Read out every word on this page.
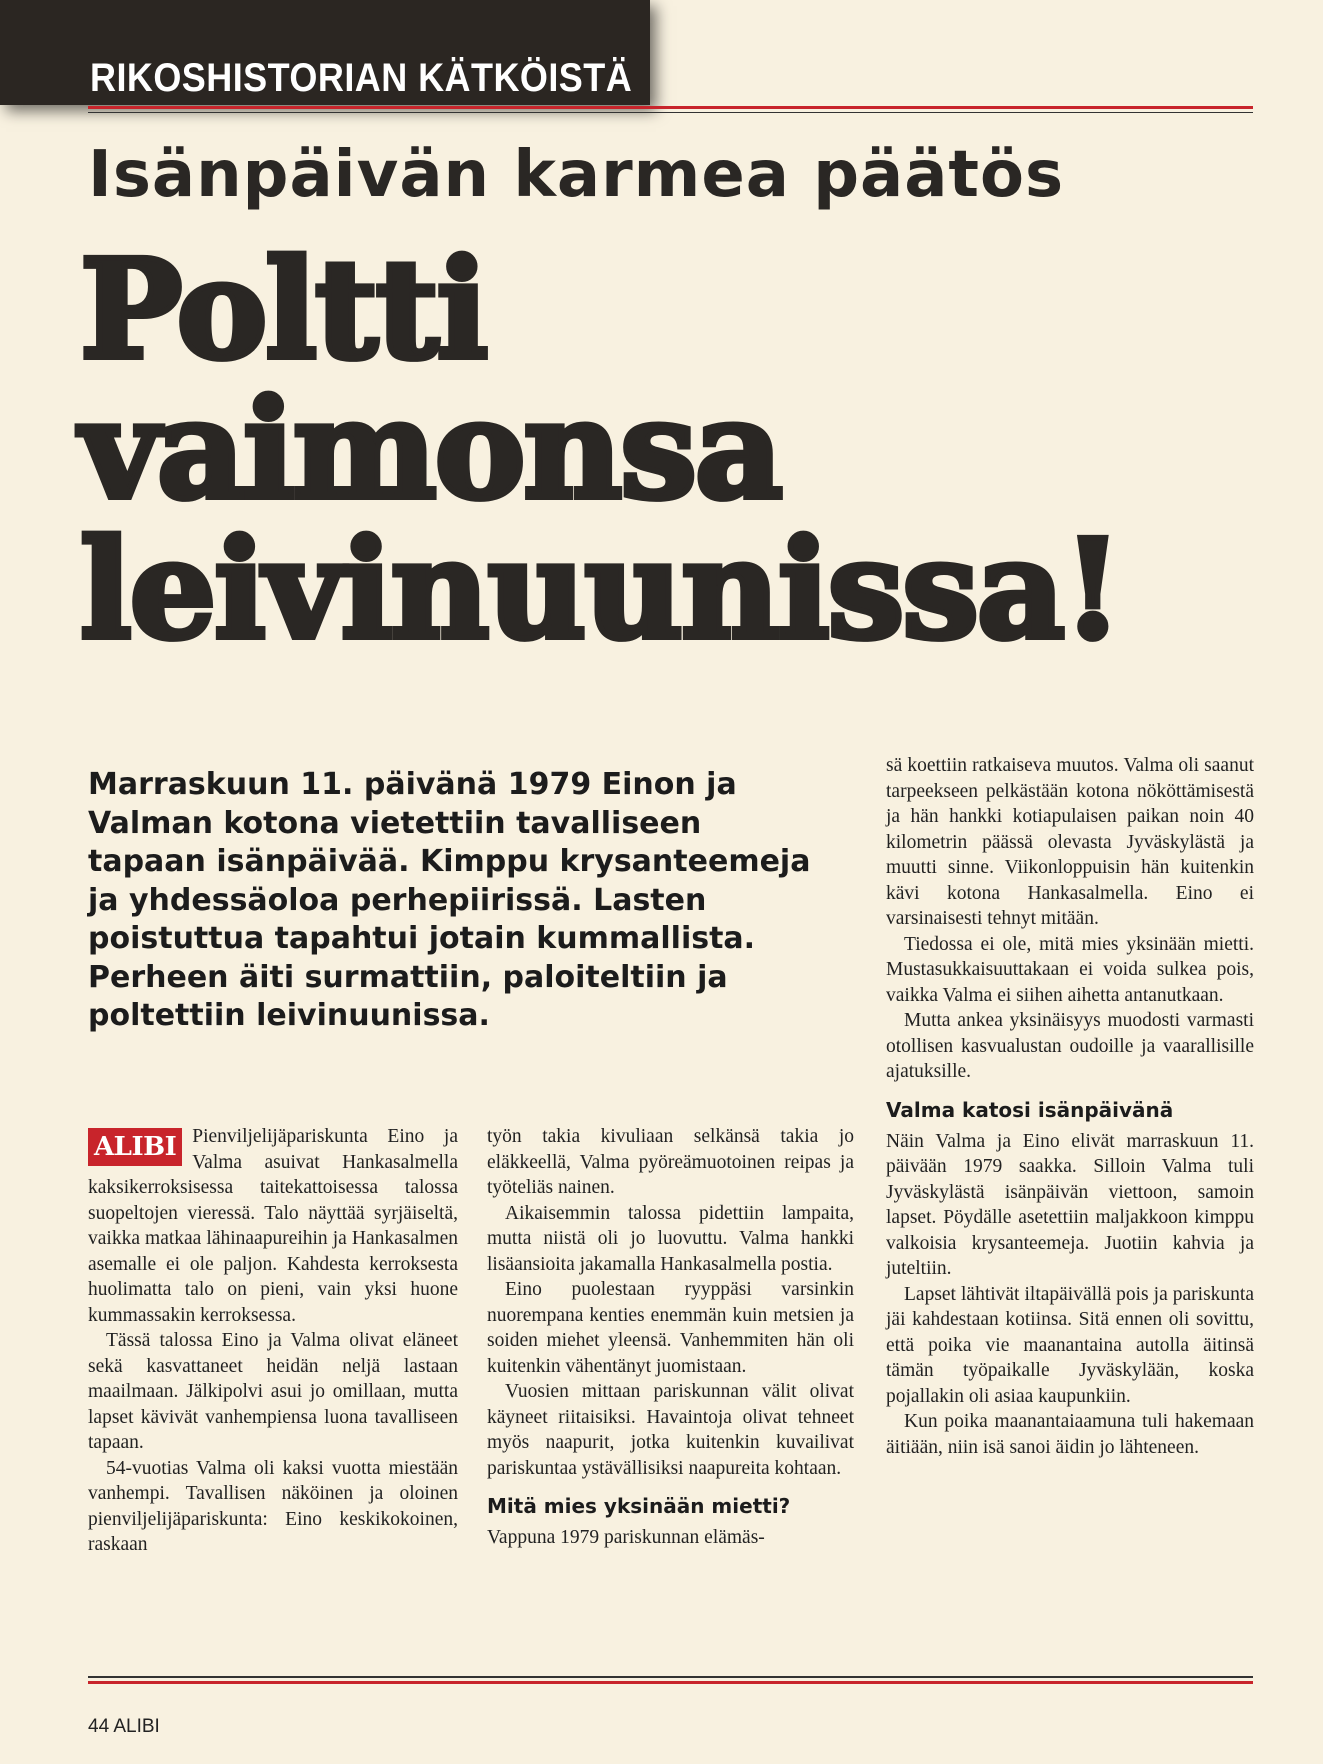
RIKOSHISTORIAN KÄTKÖISTÄ
Isänpäivän karmea päätös
Poltti
vaimonsa
leivinuunissa!
Marraskuun 11. päivänä 1979 Einon ja Valman kotona vietettiin tavalliseen tapaan isänpäivää. Kimppu krysanteemeja ja yhdessäoloa perhepiirissä. Lasten poistuttua tapahtui jotain kummallista. Perheen äiti surmattiin, paloiteltiin ja poltettiin leivinuunissa.

ALIBI Pienviljelijäpariskunta Eino ja Valma asuivat Hankasalmella kaksikerroksisessa taitekattoisessa talossa suopeltojen vieressä. Talo näyttää syrjäiseltä, vaikka matkaa lähinaapureihin ja Hankasalmen asemalle ei ole paljon. Kahdesta kerroksesta huolimatta talo on pieni, vain yksi huone kummassakin kerroksessa.

Tässä talossa Eino ja Valma olivat eläneet sekä kasvattaneet heidän neljä lastaan maailmaan. Jälkipolvi asui jo omillaan, mutta lapset kävivät vanhempiensa luona tavalliseen tapaan.

54-vuotias Valma oli kaksi vuotta miestään vanhempi. Tavallisen näköinen ja oloinen pienviljelijäpariskunta: Eino keskikokoinen, raskaan

työn takia kivuliaan selkänsä takia jo eläkkeellä, Valma pyöreämuotoinen reipas ja työteliäs nainen.

Aikaisemmin talossa pidettiin lampaita, mutta niistä oli jo luovuttu. Valma hankki lisäansioita jakamalla Hankasalmella postia.

Eino puolestaan ryyppäsi varsinkin nuorempana kenties enemmän kuin metsien ja soiden miehet yleensä. Vanhemmiten hän oli kuitenkin vähentänyt juomistaan.

Vuosien mittaan pariskunnan välit olivat käyneet riitaisiksi. Havaintoja olivat tehneet myös naapurit, jotka kuitenkin kuvailivat pariskuntaa ystävällisiksi naapureita kohtaan.

Mitä mies yksinään mietti?

Vappuna 1979 pariskunnan elämäs-

sä koettiin ratkaiseva muutos. Valma oli saanut tarpeekseen pelkästään kotona nököttämisestä ja hän hankki kotiapulaisen paikan noin 40 kilometrin päässä olevasta Jyväskylästä ja muutti sinne. Viikonloppuisin hän kuitenkin kävi kotona Hankasalmella. Eino ei varsinaisesti tehnyt mitään.

Tiedossa ei ole, mitä mies yksinään mietti. Mustasukkaisuuttakaan ei voida sulkea pois, vaikka Valma ei siihen aihetta antanutkaan.

Mutta ankea yksinäisyys muodosti varmasti otollisen kasvualustan oudoille ja vaarallisille ajatuksille.

Valma katosi isänpäivänä

Näin Valma ja Eino elivät marraskuun 11. päivään 1979 saakka. Silloin Valma tuli Jyväskylästä isänpäivän viettoon, samoin lapset. Pöydälle asetettiin maljakkoon kimppu valkoisia krysanteemeja. Juotiin kahvia ja juteltiin.

Lapset lähtivät iltapäivällä pois ja pariskunta jäi kahdestaan kotiinsa. Sitä ennen oli sovittu, että poika vie maanantaina autolla äitinsä tämän työpaikalle Jyväskylään, koska pojallakin oli asiaa kaupunkiin.

Kun poika maanantaiaamuna tuli hakemaan äitiään, niin isä sanoi äidin jo lähteneen.

44 ALIBI
